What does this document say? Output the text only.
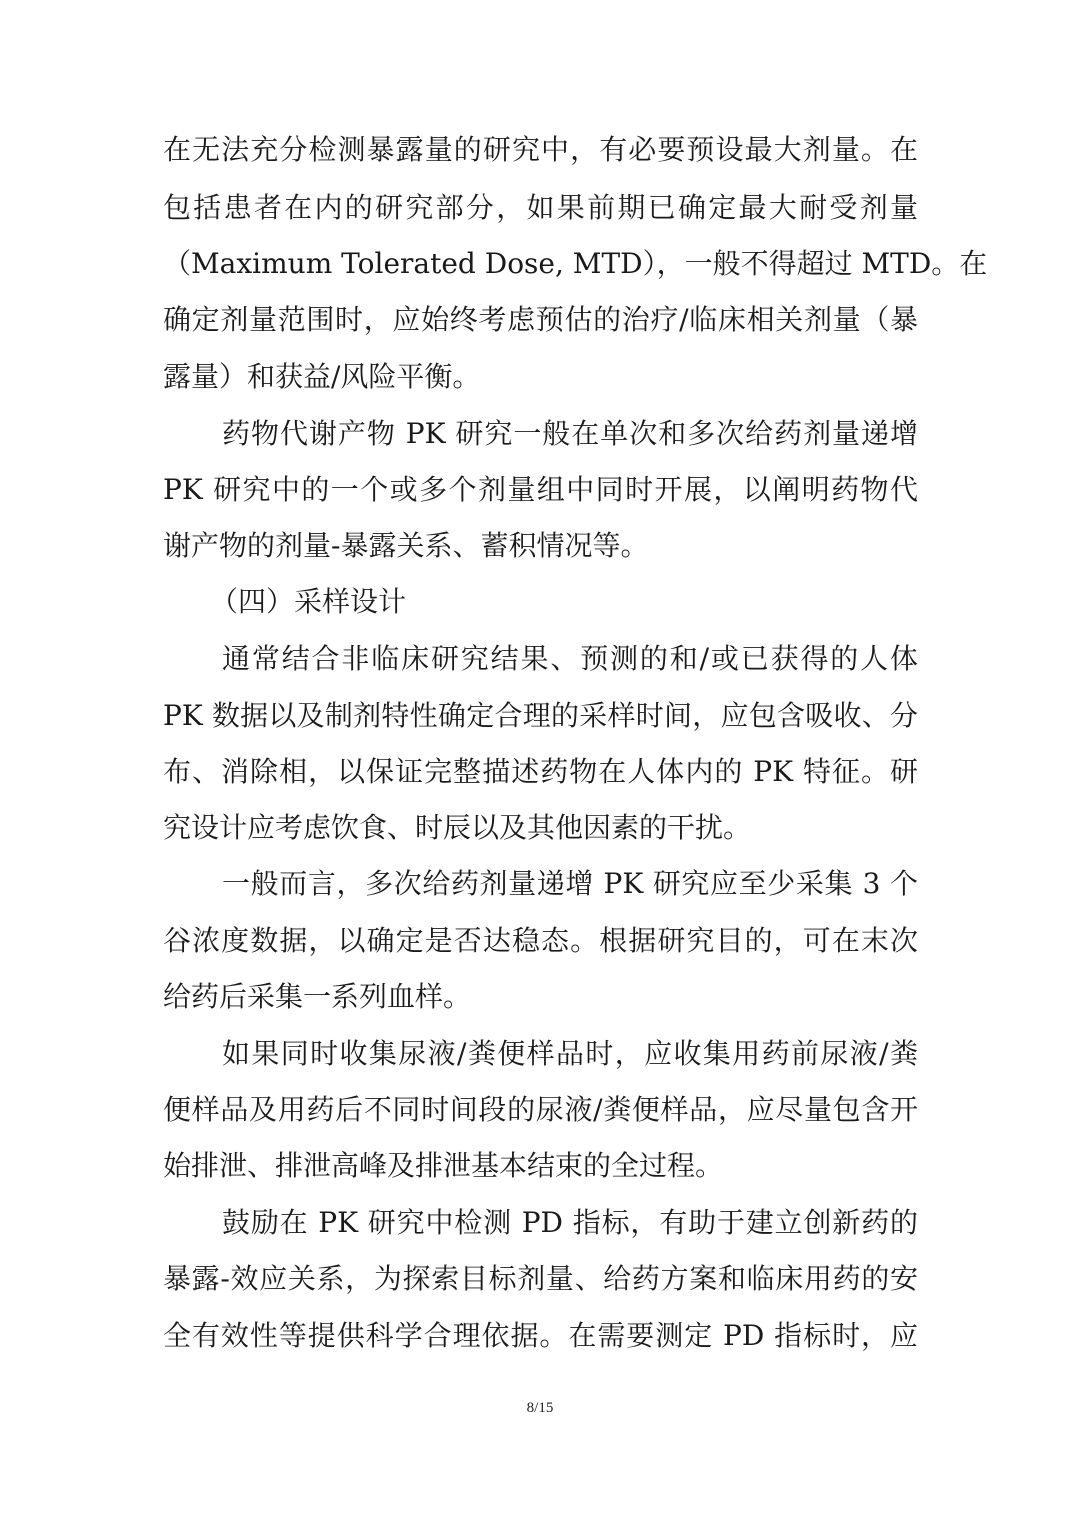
在无法充分检测暴露量的研究中，有必要预设最大剂量。在
包括患者在内的研究部分，如果前期已确定最大耐受剂量
（Maximum Tolerated Dose, MTD），一般不得超过 MTD。在
确定剂量范围时，应始终考虑预估的治疗/临床相关剂量（暴
露量）和获益/风险平衡。
药物代谢产物 PK 研究一般在单次和多次给药剂量递增
PK 研究中的一个或多个剂量组中同时开展，以阐明药物代
谢产物的剂量-暴露关系、蓄积情况等。
（四）采样设计
通常结合非临床研究结果、预测的和/或已获得的人体
PK 数据以及制剂特性确定合理的采样时间，应包含吸收、分
布、消除相，以保证完整描述药物在人体内的 PK 特征。研
究设计应考虑饮食、时辰以及其他因素的干扰。
一般而言，多次给药剂量递增 PK 研究应至少采集 3 个
谷浓度数据，以确定是否达稳态。根据研究目的，可在末次
给药后采集一系列血样。
如果同时收集尿液/粪便样品时，应收集用药前尿液/粪
便样品及用药后不同时间段的尿液/粪便样品，应尽量包含开
始排泄、排泄高峰及排泄基本结束的全过程。
鼓励在 PK 研究中检测 PD 指标，有助于建立创新药的
暴露-效应关系，为探索目标剂量、给药方案和临床用药的安
全有效性等提供科学合理依据。在需要测定 PD 指标时，应
8/15
